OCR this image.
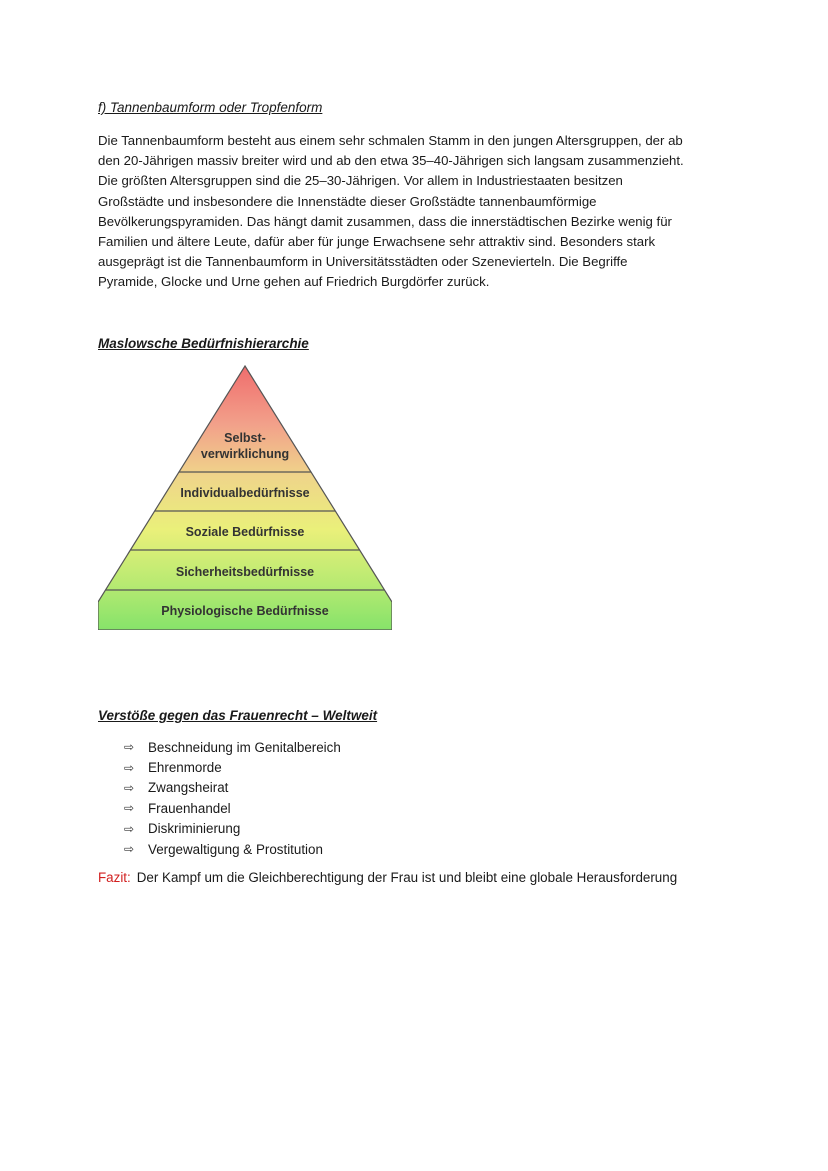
f) Tannenbaumform oder Tropfenform

Die Tannenbaumform besteht aus einem sehr schmalen Stamm in den jungen Altersgruppen, der ab
den 20-Jährigen massiv breiter wird und ab den etwa 35–40-Jährigen sich langsam zusammenzieht.
Die größten Altersgruppen sind die 25–30-Jährigen. Vor allem in Industriestaaten besitzen
Großstädte und insbesondere die Innenstädte dieser Großstädte tannenbaumförmige
Bevölkerungspyramiden. Das hängt damit zusammen, dass die innerstädtischen Bezirke wenig für
Familien und ältere Leute, dafür aber für junge Erwachsene sehr attraktiv sind. Besonders stark
ausgeprägt ist die Tannenbaumform in Universitätsstädten oder Szenevierteln. Die Begriffe
Pyramide, Glocke und Urne gehen auf Friedrich Burgdörfer zurück.

Maslowsche Bedürfnishierarchie
Selbst-
verwirklichung
Individualbedürfnisse
Soziale Bedürfnisse
Sicherheitsbedürfnisse
Physiologische Bedürfnisse
Verstöße gegen das Frauenrecht – Weltweit
⇨	Beschneidung im Genitalbereich
⇨	Ehrenmorde
⇨	Zwangsheirat
⇨	Frauenhandel
⇨	Diskriminierung
⇨	Vergewaltigung & Prostitution

Fazit: Der Kampf um die Gleichberechtigung der Frau ist und bleibt eine globale Herausforderung
